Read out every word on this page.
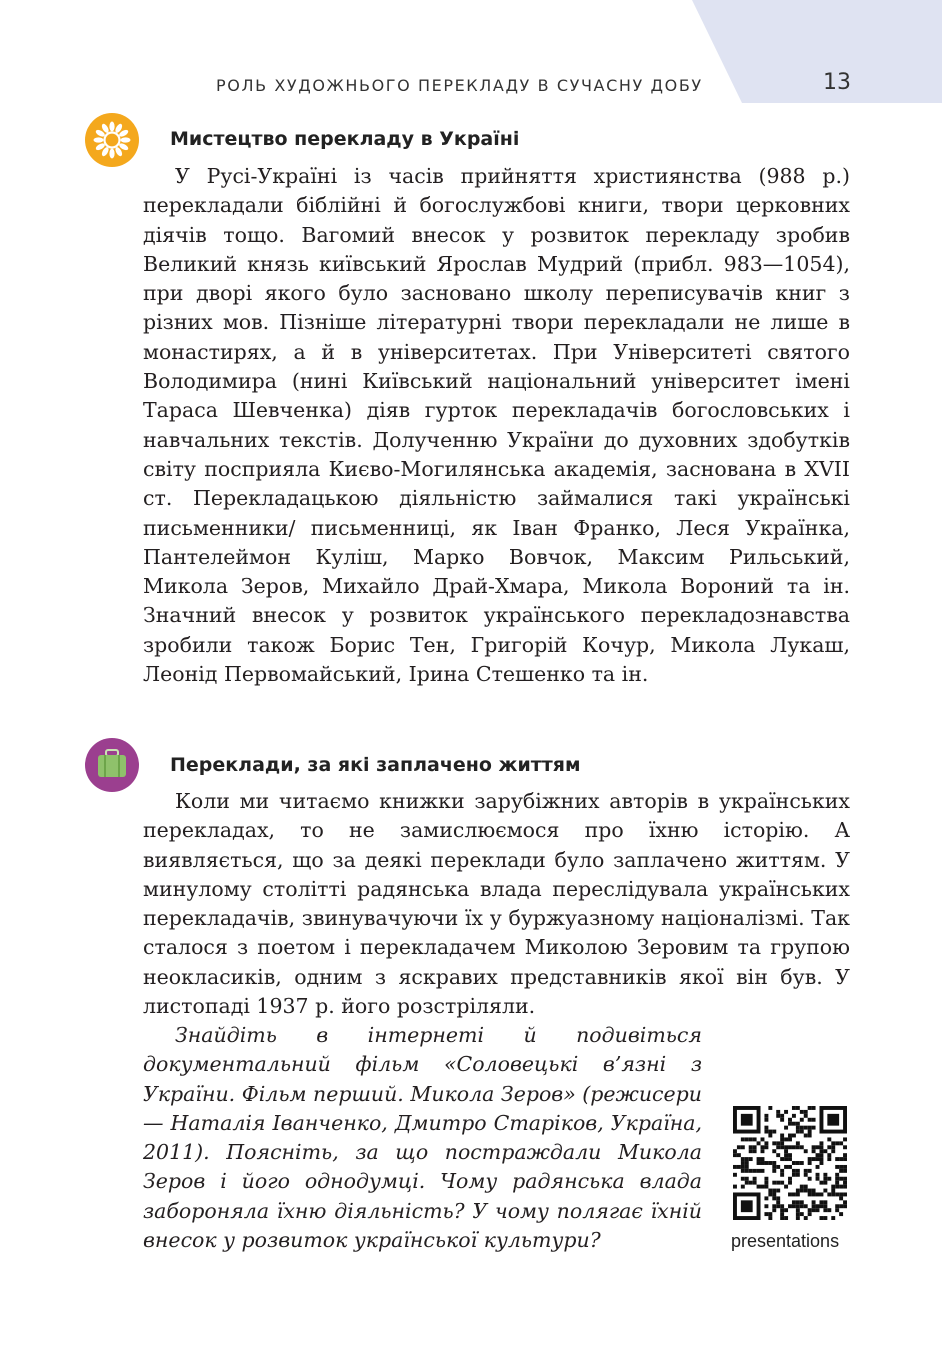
РОЛЬ ХУДОЖНЬОГО ПЕРЕКЛАДУ В СУЧАСНУ ДОБУ	13
Мистецтво перекладу в Україні

У Русі-Україні із часів прийняття християнства (988 р.) перекладали біблійні й богослужбові книги, твори церковних діячів тощо. Вагомий внесок у розвиток перекладу зробив Великий князь київський Ярослав Мудрий (прибл. 983—1054), при дворі якого було засновано школу переписувачів книг з різних мов. Пізніше літературні твори перекладали не лише в монастирях, а й в університетах. При Університеті святого Володимира (нині Київський національний університет імені Тараса Шевченка) діяв гурток перекладачів богословських і навчальних текстів. Долученню України до духовних здобутків світу посприяла Києво-Могилянська академія, заснована в XVII ст. Перекладацькою діяльністю займалися такі українські письменники/ письменниці, як Іван Франко, Леся Українка, Пантелеймон Куліш, Марко Вовчок, Максим Рильський, Микола Зеров, Михайло Драй-Хмара, Микола Вороний та ін. Значний внесок у розвиток українського перекладознавства зробили також Борис Тен, Григорій Кочур, Микола Лукаш, Леонід Первомайський, Ірина Стешенко та ін.

Переклади, за які заплачено життям

Коли ми читаємо книжки зарубіжних авторів в українських перекладах, то не замислюємося про їхню історію. А виявляється, що за деякі переклади було заплачено життям. У минулому столітті радянська влада переслідувала українських перекладачів, звинувачуючи їх у буржуазному націоналізмі. Так сталося з поетом і перекладачем Миколою Зеровим та групою неокласиків, одним з яскравих представників якої він був. У листопаді 1937 р. його розстріляли.

Знайдіть в інтернеті й подивіться документальний фільм «Соловецькі в’язні з України. Фільм перший. Микола Зеров» (режисери — Наталія Іванченко, Дмитро Старіков, Україна, 2011). Поясніть, за що постраждали Микола Зеров і його однодумці. Чому радянська влада забороняла їхню діяльність? У чому полягає їхній внесок у розвиток української культури?	presentations
